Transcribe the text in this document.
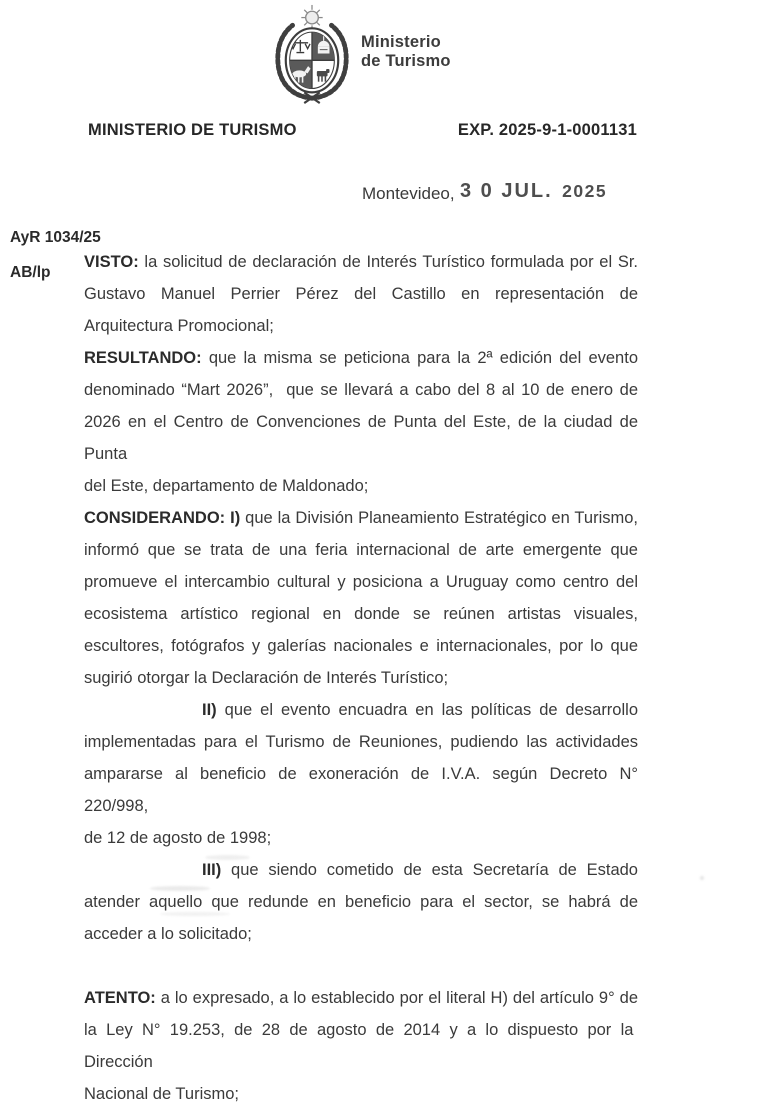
Ministerio
de Turismo
MINISTERIO DE TURISMO	EXP. 2025-9-1-0001131
Montevideo, 3 0 JUL. 2025
AyR 1034/25
AB/lp
VISTO: la solicitud de declaración de Interés Turístico formulada por el Sr.
Gustavo Manuel Perrier Pérez del Castillo en representación de
Arquitectura Promocional;
RESULTANDO: que la misma se peticiona para la 2ª edición del evento
denominado “Mart 2026”,  que se llevará a cabo del 8 al 10 de enero de
2026 en el Centro de Convenciones de Punta del Este, de la ciudad de Punta
del Este, departamento de Maldonado;
CONSIDERANDO: I) que la División Planeamiento Estratégico en Turismo,
informó que se trata de una feria internacional de arte emergente que
promueve el intercambio cultural y posiciona a Uruguay como centro del
ecosistema artístico regional en donde se reúnen artistas visuales,
escultores, fotógrafos y galerías nacionales e internacionales, por lo que
sugirió otorgar la Declaración de Interés Turístico;
II) que el evento encuadra en las políticas de desarrollo
implementadas para el Turismo de Reuniones, pudiendo las actividades
ampararse al beneficio de exoneración de I.V.A. según Decreto N° 220/998,
de 12 de agosto de 1998;
III) que siendo cometido de esta Secretaría de Estado
atender aquello que redunde en beneficio para el sector, se habrá de
acceder a lo solicitado;
ATENTO: a lo expresado, a lo establecido por el literal H) del artículo 9° de
la Ley N° 19.253, de 28 de agosto de 2014 y a lo dispuesto por la  Dirección
Nacional de Turismo;
